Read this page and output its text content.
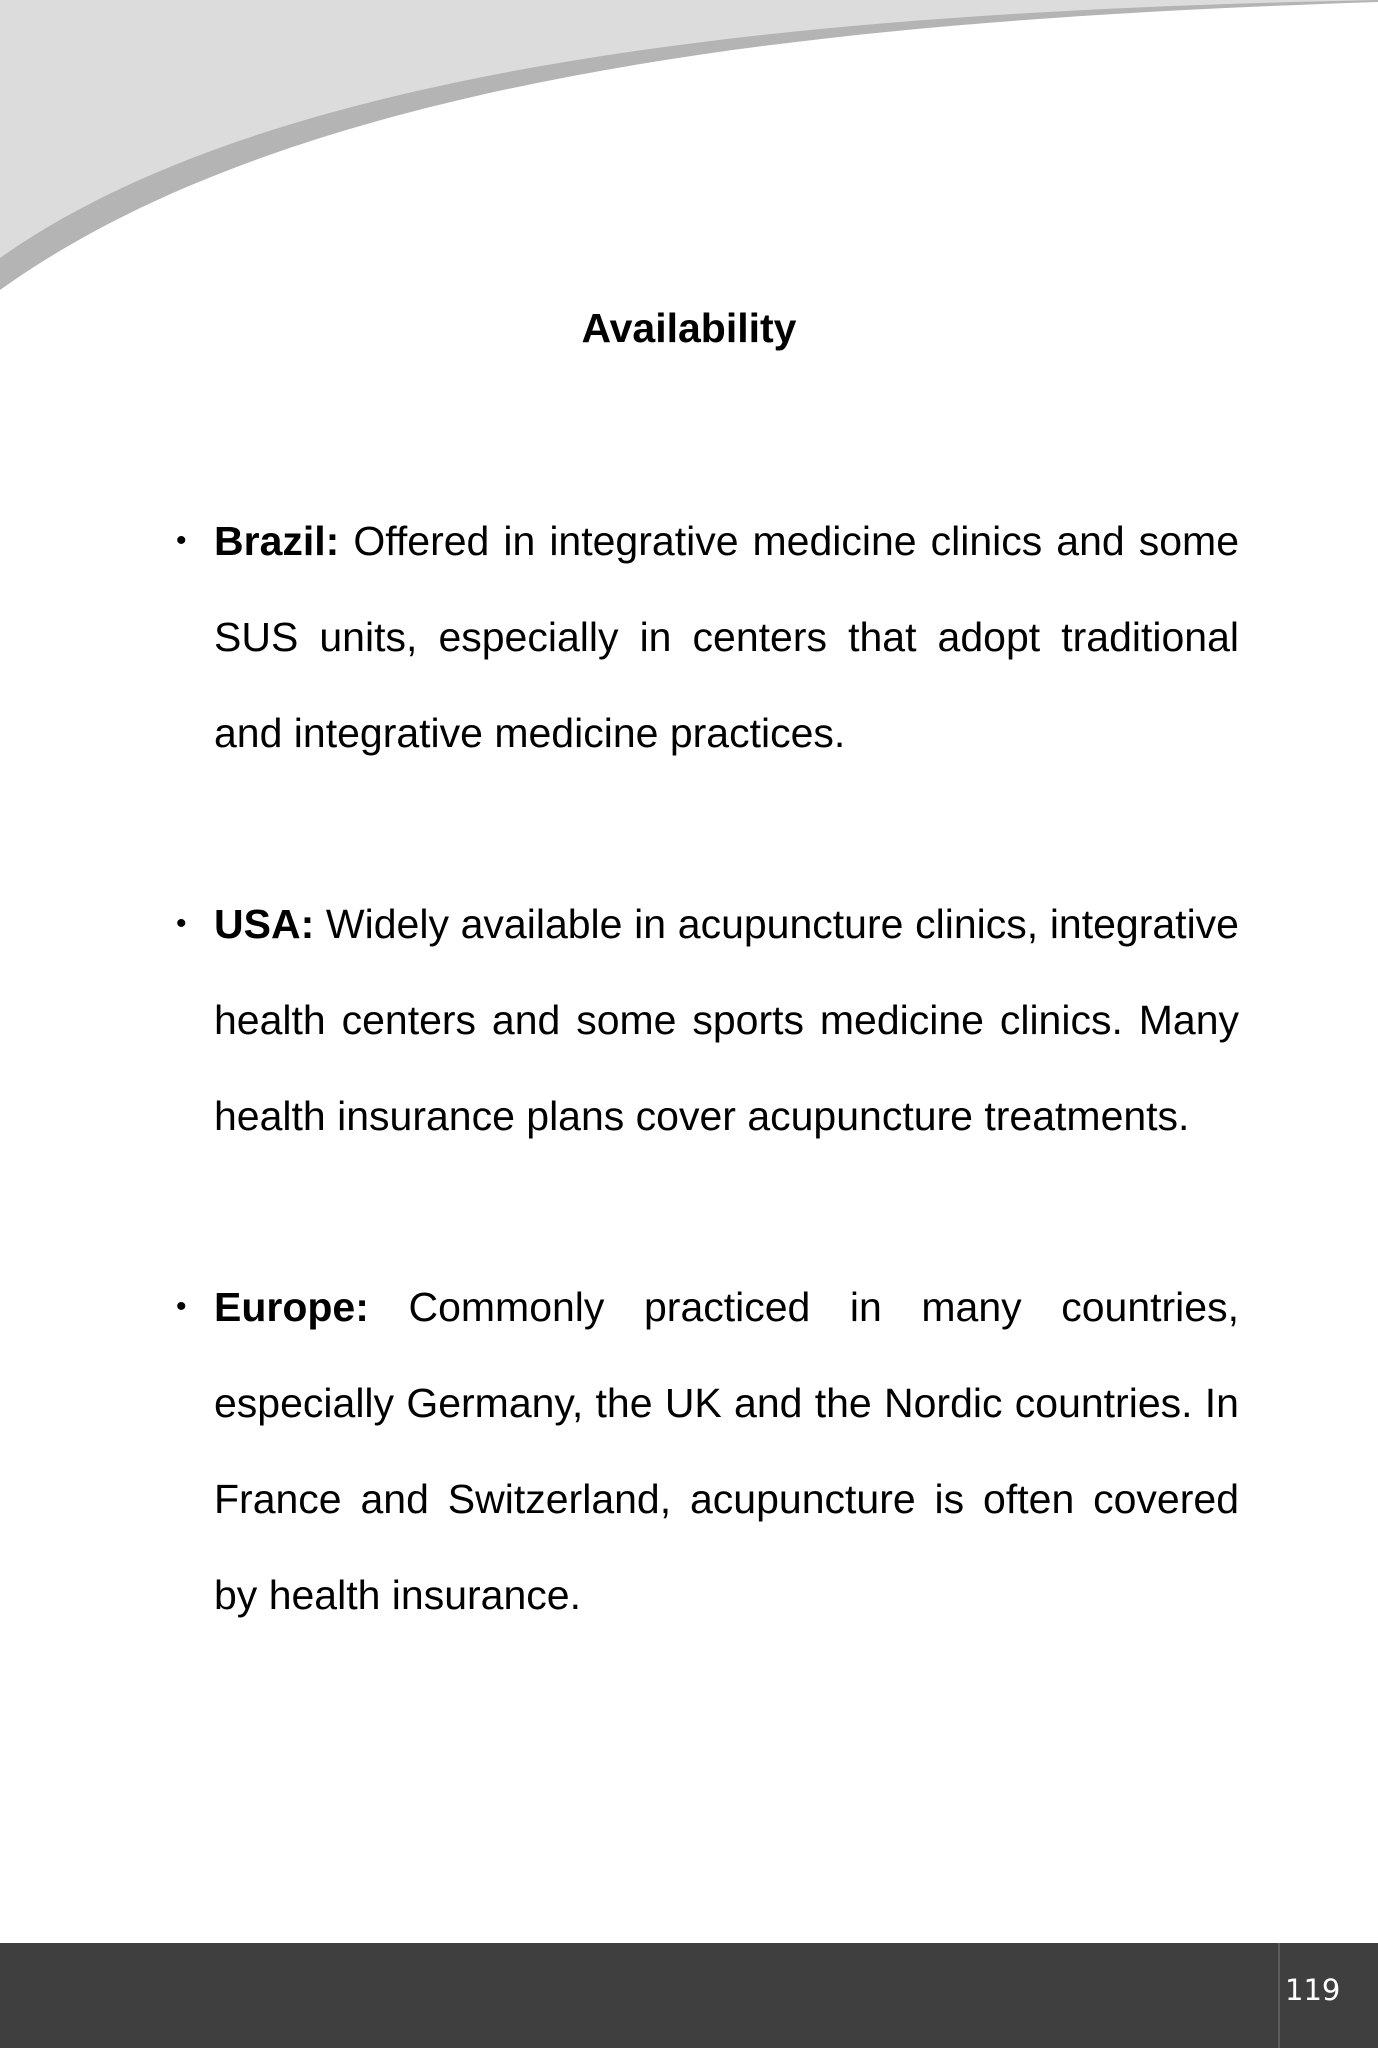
Availability
• Brazil: Offered in integrative medicine clinics and some SUS units, especially in centers that adopt traditional and integrative medicine practices.
• USA: Widely available in acupuncture clinics, integrative health centers and some sports medicine clinics. Many health insurance plans cover acupuncture treatments.
• Europe: Commonly practiced in many countries, especially Germany, the UK and the Nordic countries. In France and Switzerland, acupuncture is often covered by health insurance.
119
